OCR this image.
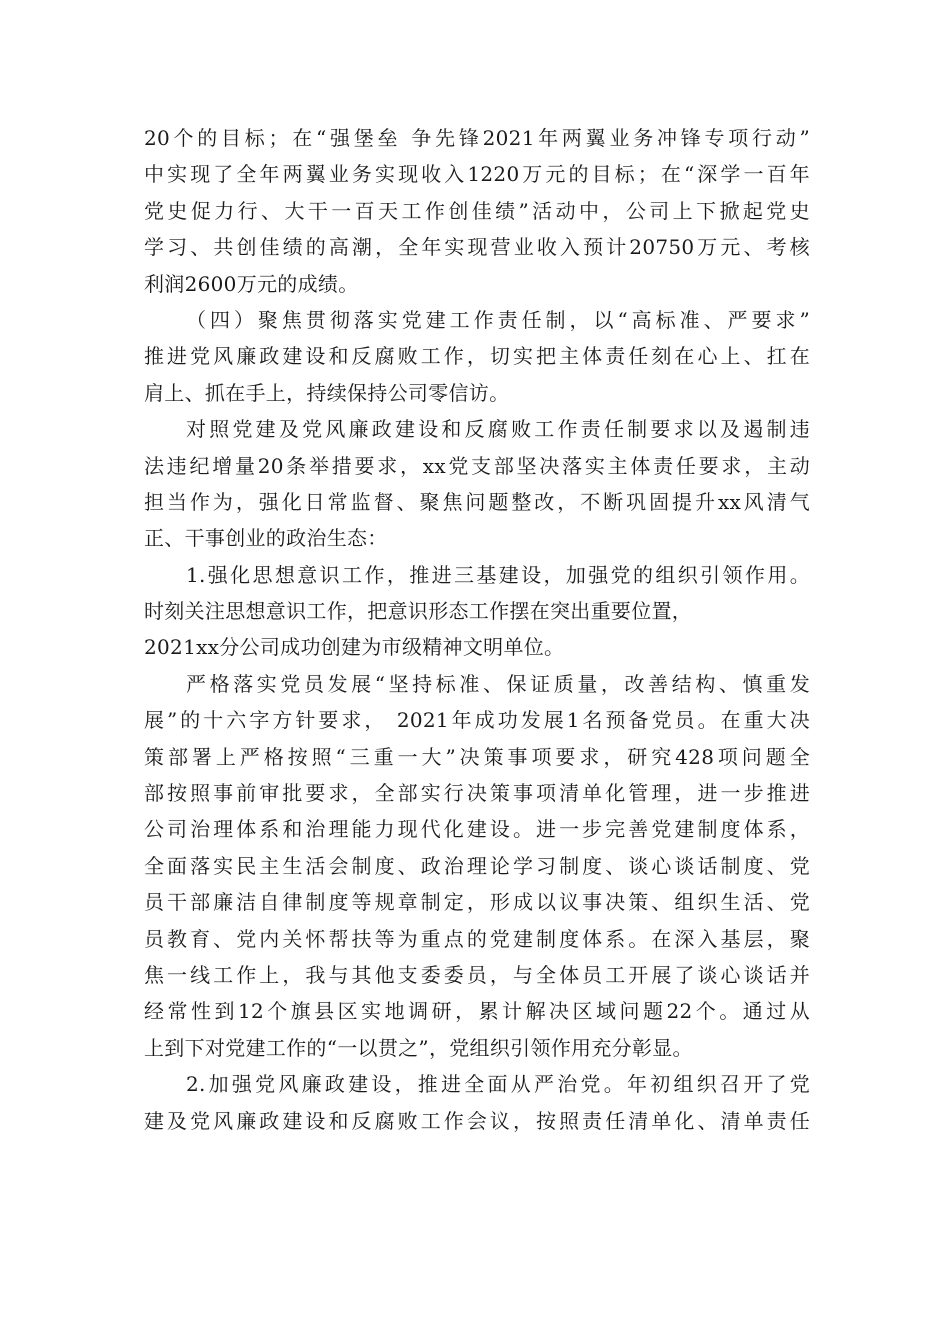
20个的目标；在“强堡垒 争先锋2021年两翼业务冲锋专项行动”
中实现了全年两翼业务实现收入1220万元的目标；在“深学一百年
党史促力行、大干一百天工作创佳绩”活动中，公司上下掀起党史
学习、共创佳绩的高潮，全年实现营业收入预计20750万元、考核
利润2600万元的成绩。
（四）聚焦贯彻落实党建工作责任制，以“高标准、严要求”
推进党风廉政建设和反腐败工作，切实把主体责任刻在心上、扛在
肩上、抓在手上，持续保持公司零信访。
对照党建及党风廉政建设和反腐败工作责任制要求以及遏制违
法违纪增量20条举措要求，xx党支部坚决落实主体责任要求，主动
担当作为，强化日常监督、聚焦问题整改，不断巩固提升xx风清气
正、干事创业的政治生态：
1.强化思想意识工作，推进三基建设，加强党的组织引领作用。
时刻关注思想意识工作，把意识形态工作摆在突出重要位置，
2021xx分公司成功创建为市级精神文明单位。
严格落实党员发展“坚持标准、保证质量，改善结构、慎重发
展”的十六字方针要求， 2021年成功发展1名预备党员。在重大决
策部署上严格按照“三重一大”决策事项要求，研究428项问题全
部按照事前审批要求，全部实行决策事项清单化管理，进一步推进
公司治理体系和治理能力现代化建设。进一步完善党建制度体系，
全面落实民主生活会制度、政治理论学习制度、谈心谈话制度、党
员干部廉洁自律制度等规章制定，形成以议事决策、组织生活、党
员教育、党内关怀帮扶等为重点的党建制度体系。在深入基层，聚
焦一线工作上，我与其他支委委员，与全体员工开展了谈心谈话并
经常性到12个旗县区实地调研，累计解决区域问题22个。通过从
上到下对党建工作的“一以贯之”，党组织引领作用充分彰显。
2.加强党风廉政建设，推进全面从严治党。年初组织召开了党
建及党风廉政建设和反腐败工作会议，按照责任清单化、清单责任
